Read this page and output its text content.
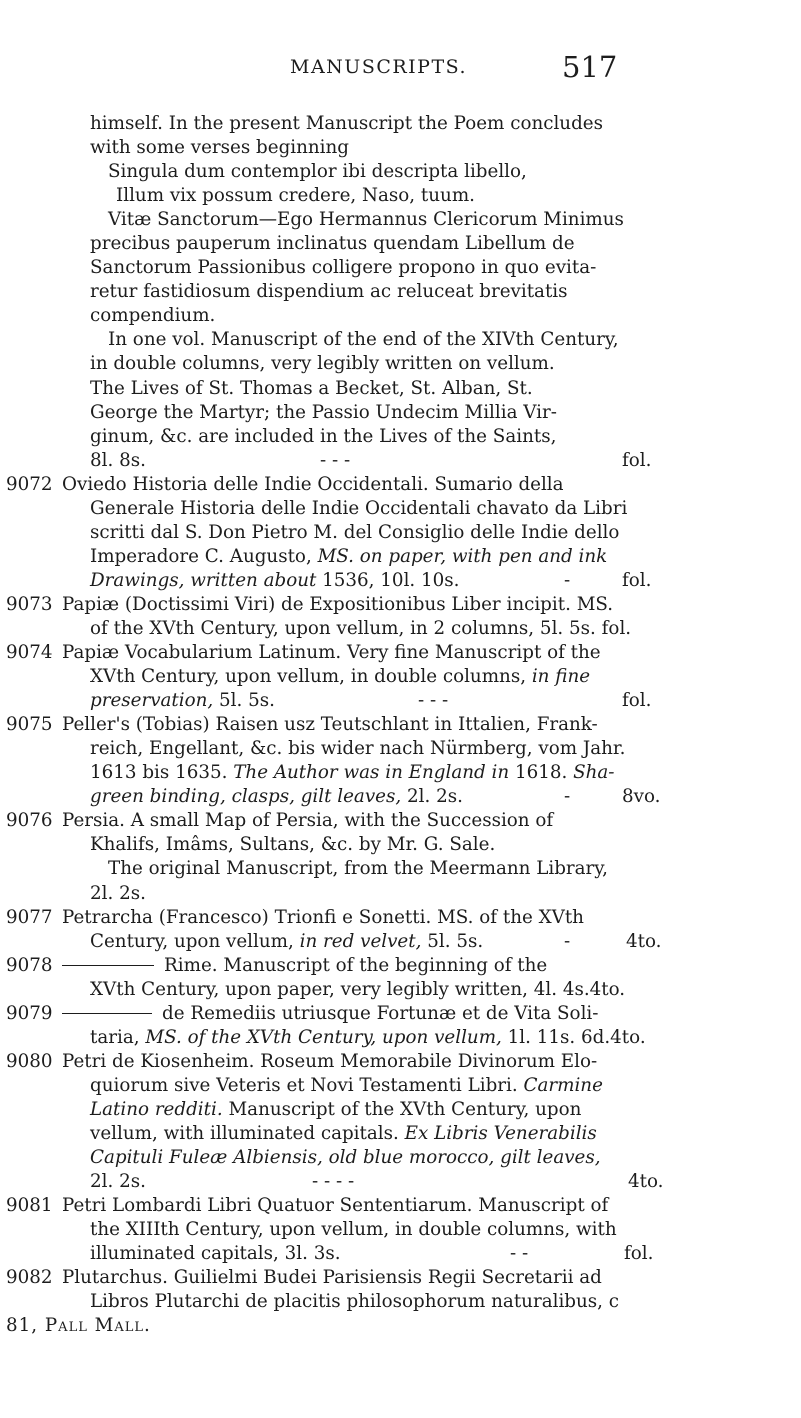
MANUSCRIPTS.	517
himself. In the present Manuscript the Poem concludes
with some verses beginning
Singula dum contemplor ibi descripta libello,
Illum vix possum credere, Naso, tuum.
Vitæ Sanctorum—Ego Hermannus Clericorum Minimus
precibus pauperum inclinatus quendam Libellum de
Sanctorum Passionibus colligere propono in quo evita-
retur fastidiosum dispendium ac reluceat brevitatis
compendium.
In one vol. Manuscript of the end of the XIVth Century,
in double columns, very legibly written on vellum.
The Lives of St. Thomas a Becket, St. Alban, St.
George the Martyr; the Passio Undecim Millia Vir-
ginum, &c. are included in the Lives of the Saints,
8l. 8s.	- - -	fol.
9072 Oviedo Historia delle Indie Occidentali. Sumario della
Generale Historia delle Indie Occidentali chavato da Libri
scritti dal S. Don Pietro M. del Consiglio delle Indie dello
Imperadore C. Augusto, MS. on paper, with pen and ink
Drawings, written about 1536, 10l. 10s.	-	fol.
9073 Papiæ (Doctissimi Viri) de Expositionibus Liber incipit. MS.
of the XVth Century, upon vellum, in 2 columns, 5l. 5s. fol.
9074 Papiæ Vocabularium Latinum. Very fine Manuscript of the
XVth Century, upon vellum, in double columns, in fine
preservation, 5l. 5s.	- - -	fol.
9075 Peller's (Tobias) Raisen usz Teutschlant in Ittalien, Frank-
reich, Engellant, &c. bis wider nach Nürmberg, vom Jahr.
1613 bis 1635. The Author was in England in 1618. Sha-
green binding, clasps, gilt leaves, 2l. 2s.	-	8vo.
9076 Persia. A small Map of Persia, with the Succession of
Khalifs, Imâms, Sultans, &c. by Mr. G. Sale.
The original Manuscript, from the Meermann Library,
2l. 2s.
9077 Petrarcha (Francesco) Trionfi e Sonetti. MS. of the XVth
Century, upon vellum, in red velvet, 5l. 5s.	-	4to.
9078	Rime. Manuscript of the beginning of the
XVth Century, upon paper, very legibly written, 4l. 4s.4to.
9079	de Remediis utriusque Fortunæ et de Vita Soli-
taria, MS. of the XVth Century, upon vellum, 1l. 11s. 6d.4to.
9080 Petri de Kiosenheim. Roseum Memorabile Divinorum Elo-
quiorum sive Veteris et Novi Testamenti Libri. Carmine
Latino redditi. Manuscript of the XVth Century, upon
vellum, with illuminated capitals. Ex Libris Venerabilis
Capituli Fuleæ Albiensis, old blue morocco, gilt leaves,
2l. 2s.	- - - -	4to.
9081 Petri Lombardi Libri Quatuor Sententiarum. Manuscript of
the XIIIth Century, upon vellum, in double columns, with
illuminated capitals, 3l. 3s.	- -	fol.
9082 Plutarchus. Guilielmi Budei Parisiensis Regii Secretarii ad
Libros Plutarchi de placitis philosophorum naturalibus, c
81, Pall Mall.
